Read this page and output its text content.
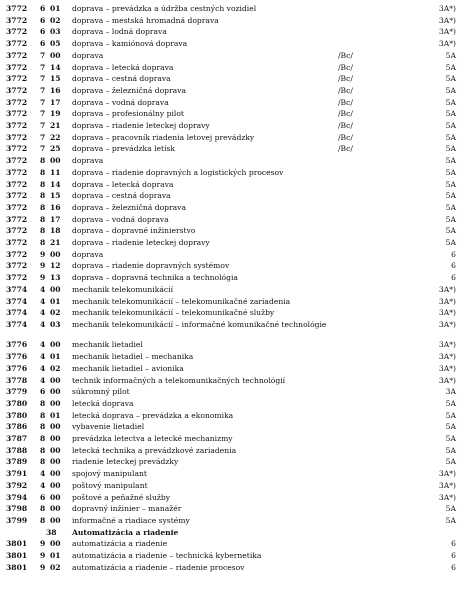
3772	6 01	doprava – prevádzka a údržba cestných vozidiel	3A*)
3772	6 02	doprava – mestská hromadná doprava	3A*)
3772	6 03	doprava – lodná doprava	3A*)
3772	6 05	doprava – kamiónová doprava	3A*)
3772	7 00	doprava	/Bc/	5A
3772	7 14	doprava – letecká doprava	/Bc/	5A
3772	7 15	doprava – cestná doprava	/Bc/	5A
3772	7 16	doprava – železničná doprava	/Bc/	5A
3772	7 17	doprava – vodná doprava	/Bc/	5A
3772	7 19	doprava – profesionálny pilot	/Bc/	5A
3772	7 21	doprava – riadenie leteckej dopravy	/Bc/	5A
3772	7 22	doprava – pracovník riadenia letovej prevádzky	/Bc/	5A
3772	7 25	doprava – prevádzka letísk	/Bc/	5A
3772	8 00	doprava	5A
3772	8 11	doprava – riadenie dopravných a logistických procesov	5A
3772	8 14	doprava – letecká doprava	5A
3772	8 15	doprava – cestná doprava	5A
3772	8 16	doprava – železničná doprava	5A
3772	8 17	doprava – vodná doprava	5A
3772	8 18	doprava – dopravné inžinierstvo	5A
3772	8 21	doprava – riadenie leteckej dopravy	5A
3772	9 00	doprava	6
3772	9 12	doprava – riadenie dopravných systémov	6
3772	9 13	doprava – dopravná technika a technológia	6
3774	4 00	mechanik telekomunikácií	3A*)
3774	4 01	mechanik telekomunikácií – telekomunikačné zariadenia	3A*)
3774	4 02	mechanik telekomunikácií – telekomunikačné služby	3A*)
3774	4 03	mechanik telekomunikácií – informačné komunikačné technológie	3A*)
3776	4 00	mechanik lietadiel	3A*)
3776	4 01	mechanik lietadiel – mechanika	3A*)
3776	4 02	mechanik lietadiel – avionika	3A*)
3778	4 00	technik informačných a telekomunikačných technológií	3A*)
3779	6 00	súkromný pilot	3A
3780	8 00	letecká doprava	5A
3780	8 01	letecká doprava – prevádzka a ekonomika	5A
3786	8 00	vybavenie lietadiel	5A
3787	8 00	prevádzka letectva a letecké mechanizmy	5A
3788	8 00	letecká technika a prevádzkové zariadenia	5A
3789	8 00	riadenie leteckej prevádzky	5A
3791	4 00	spojový manipulant	3A*)
3792	4 00	poštový manipulant	3A*)
3794	6 00	poštové a peňažné služby	3A*)
3798	8 00	dopravný inžinier – manažér	5A
3799	8 00	informačné a riadiace systémy	5A
38	Automatizácia a riadenie
3801	9 00	automatizácia a riadenie	6
3801	9 01	automatizácia a riadenie – technická kybernetika	6
3801	9 02	automatizácia a riadenie – riadenie procesov	6
